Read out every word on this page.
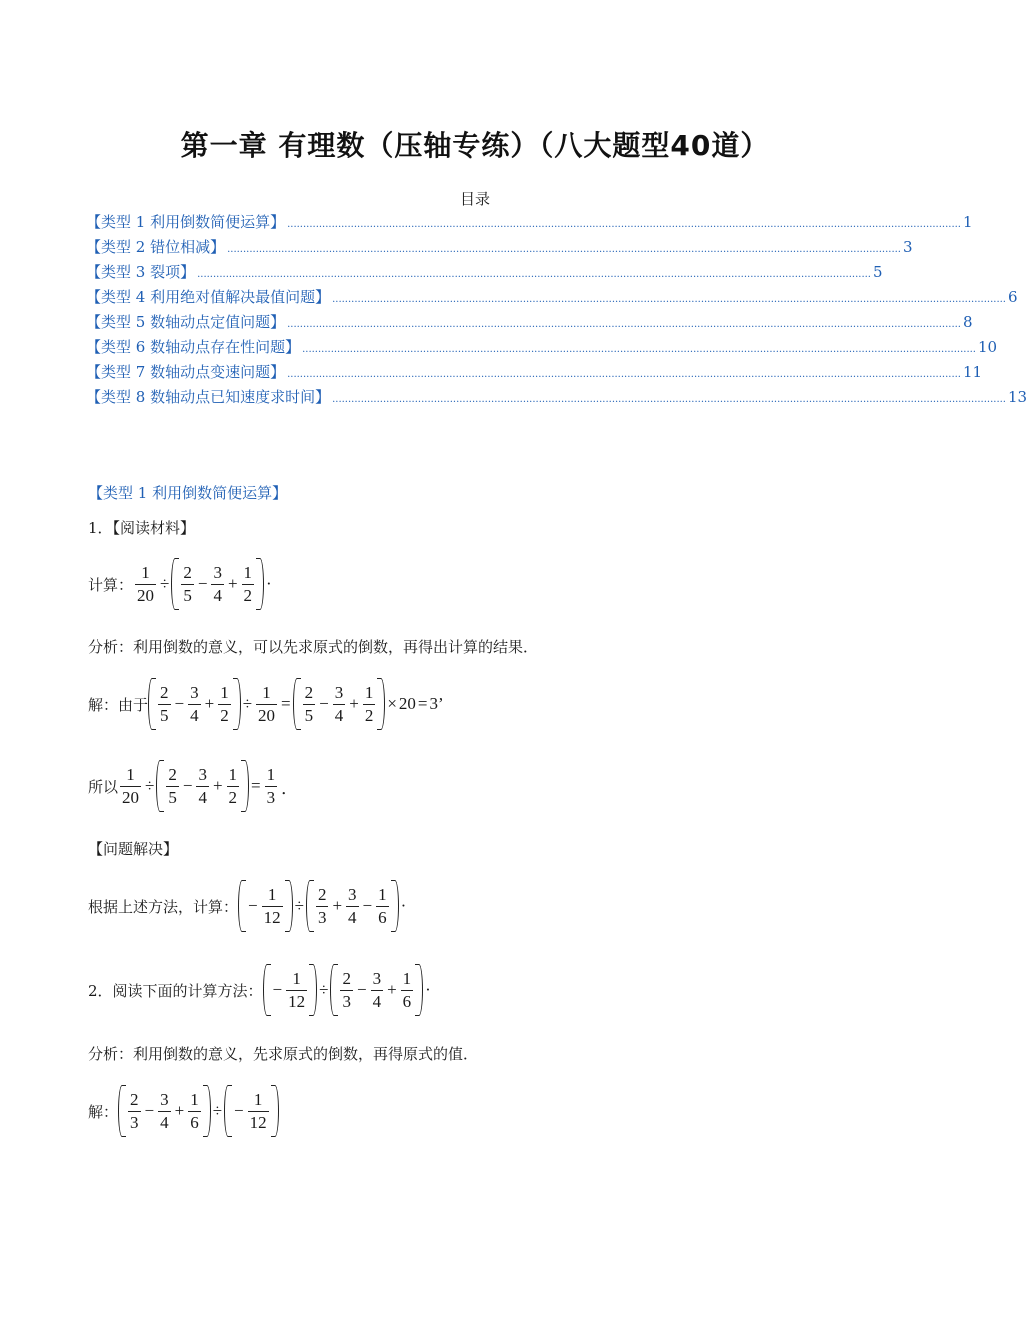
第一章 有理数（压轴专练）（八大题型40道）
目录
【类型 1 利用倒数简便运算】 .................................................................................................................................................................................................................... 1
【类型 2 错位相减】 .................................................................................................................................................................................................................... 3
【类型 3 裂项】 .................................................................................................................................................................................................................... 5
【类型 4 利用绝对值解决最值问题】 .................................................................................................................................................................................................................... 6
【类型 5 数轴动点定值问题】 .................................................................................................................................................................................................................... 8
【类型 6 数轴动点存在性问题】 .................................................................................................................................................................................................................... 10
【类型 7 数轴动点变速问题】 .................................................................................................................................................................................................................... 11
【类型 8 数轴动点已知速度求时间】 .................................................................................................................................................................................................................... 13
【类型 1 利用倒数简便运算】
1．【阅读材料】
计算： $\frac{1}{20} \div \frac{2}{5} - \frac{3}{4} + \frac{1}{2}$ ·
分析：利用倒数的意义，可以先求原式的倒数，再得出计算的结果．
解：由于 $\frac{2}{5} - \frac{3}{4} + \frac{1}{2} \div \frac{1}{20} = \frac{2}{5} - \frac{3}{4} + \frac{1}{2} \times 20 = 3$’
所以 $\frac{1}{20} \div \frac{2}{5} - \frac{3}{4} + \frac{1}{2} = \frac{1}{3}$ ．
【问题解决】
根据上述方法，计算： − $\frac{1}{12} \div \frac{2}{3} + \frac{3}{4} - \frac{1}{6}$ ·
2．阅读下面的计算方法： − $\frac{1}{12} \div \frac{2}{3} - \frac{3}{4} + \frac{1}{6}$ ·
分析：利用倒数的意义，先求原式的倒数，再得原式的值．
解： $\frac{2}{3} - \frac{3}{4} + \frac{1}{6}$ ÷ − $\frac{1}{12}$
